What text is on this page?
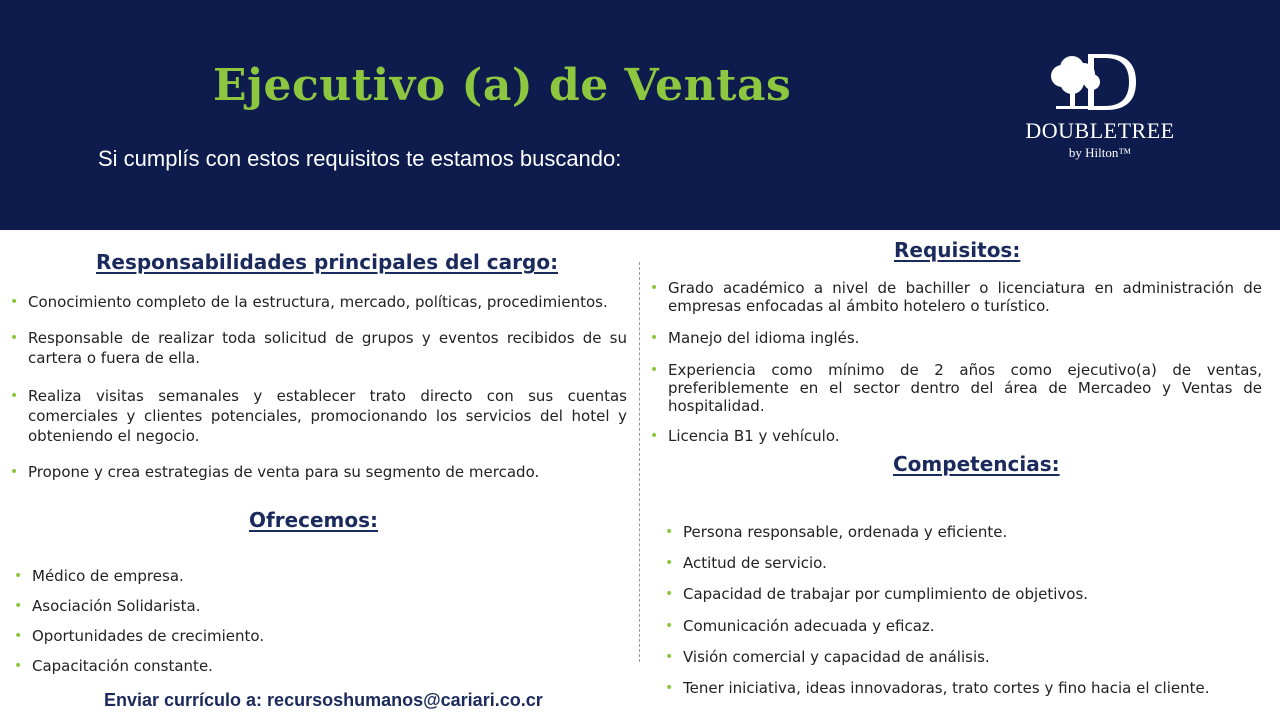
Ejecutivo (a) de Ventas
Si cumplís con estos requisitos te estamos buscando:
DOUBLETREE
by Hilton™
Responsabilidades principales del cargo:
• Conocimiento completo de la estructura, mercado, políticas, procedimientos.
• Responsable de realizar toda solicitud de grupos y eventos recibidos de su cartera o fuera de ella.
• Realiza visitas semanales y establecer trato directo con sus cuentas comerciales y clientes potenciales, promocionando los servicios del hotel y obteniendo el negocio.
• Propone y crea estrategias de venta para su segmento de mercado.
Ofrecemos:
• Médico de empresa.
• Asociación Solidarista.
• Oportunidades de crecimiento.
• Capacitación constante.
Requisitos:
• Grado académico a nivel de bachiller o licenciatura en administración de empresas enfocadas al ámbito hotelero o turístico.
• Manejo del idioma inglés.
• Experiencia como mínimo de 2 años como ejecutivo(a) de ventas, preferiblemente en el sector dentro del área de Mercadeo y Ventas de hospitalidad.
• Licencia B1 y vehículo.
Competencias:
• Persona responsable, ordenada y eficiente.
• Actitud de servicio.
• Capacidad de trabajar por cumplimiento de objetivos.
• Comunicación adecuada y eficaz.
• Visión comercial y capacidad de análisis.
• Tener iniciativa, ideas innovadoras, trato cortes y fino hacia el cliente.
Enviar currículo a: recursoshumanos@cariari.co.cr
